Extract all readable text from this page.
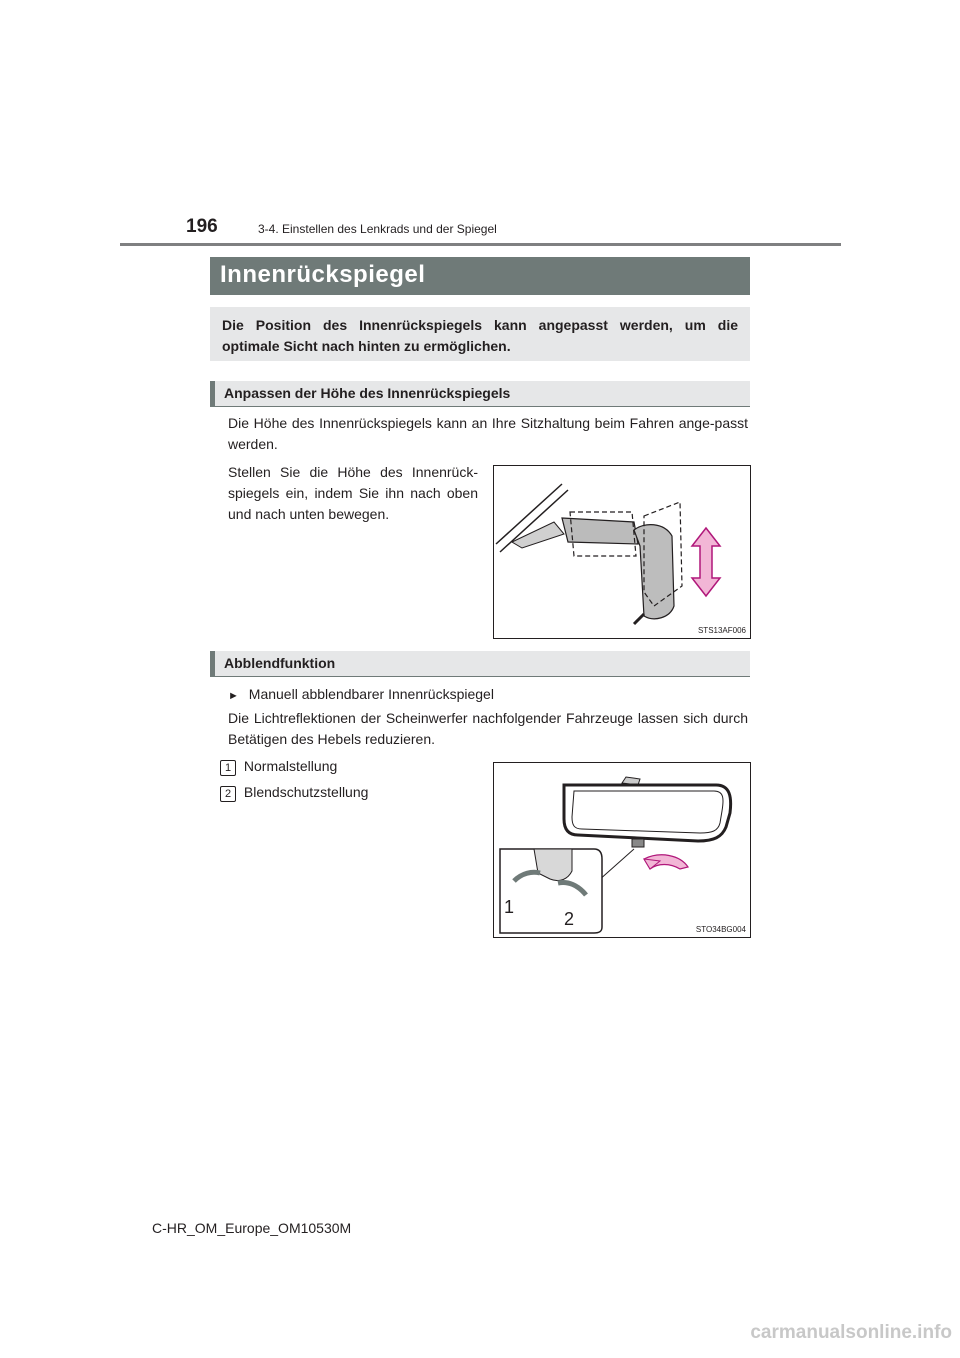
196	3-4. Einstellen des Lenkrads und der Spiegel
Innenrückspiegel
Die Position des Innenrückspiegels kann angepasst werden, um die
optimale Sicht nach hinten zu ermöglichen.
Anpassen der Höhe des Innenrückspiegels
Die Höhe des Innenrückspiegels kann an Ihre Sitzhaltung beim Fahren ange-passt werden.
Stellen Sie die Höhe des Innenrück-spiegels ein, indem Sie ihn nach oben und nach unten bewegen.
STS13AF006
Abblendfunktion
► Manuell abblendbarer Innenrückspiegel
Die Lichtreflektionen der Scheinwerfer nachfolgender Fahrzeuge lassen sich durch Betätigen des Hebels reduzieren.
1 Normalstellung
2 Blendschutzstellung
1
2
STO34BG004
C-HR_OM_Europe_OM10530M
carmanualsonline.info
